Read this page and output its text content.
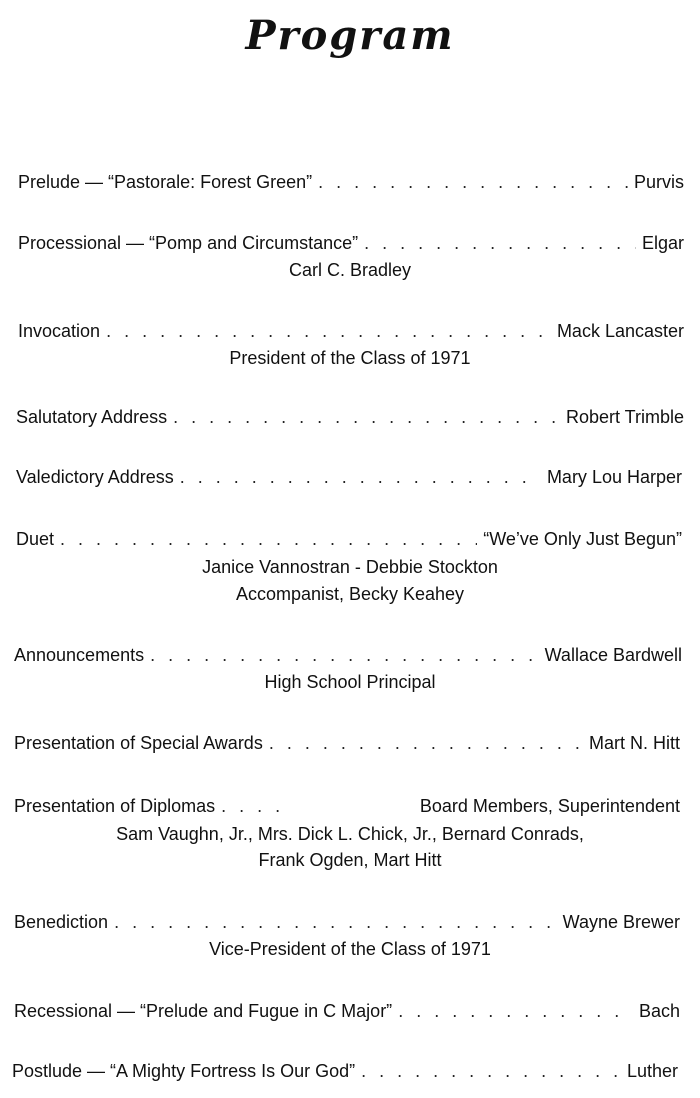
Program
Prelude — “Pastorale: Forest Green” . . .	Purvis
Processional — “Pomp and Circumstance” . . .	Elgar
Carl C. Bradley
Invocation . . .	Mack Lancaster
President of the Class of 1971
Salutatory Address . . .	Robert Trimble
Valedictory Address . . .	Mary Lou Harper
Duet . . .	“We’ve Only Just Begun”
Janice Vannostran - Debbie Stockton
Accompanist, Becky Keahey
Announcements . . .	Wallace Bardwell
High School Principal
Presentation of Special Awards . . .	Mart N. Hitt
Presentation of Diplomas . . .	Board Members, Superintendent
Sam Vaughn, Jr., Mrs. Dick L. Chick, Jr., Bernard Conrads,
Frank Ogden, Mart Hitt
Benediction . . .	Wayne Brewer
Vice-President of the Class of 1971
Recessional — “Prelude and Fugue in C Major” . . .	Bach
Postlude — “A Mighty Fortress Is Our God” . . .	Luther
